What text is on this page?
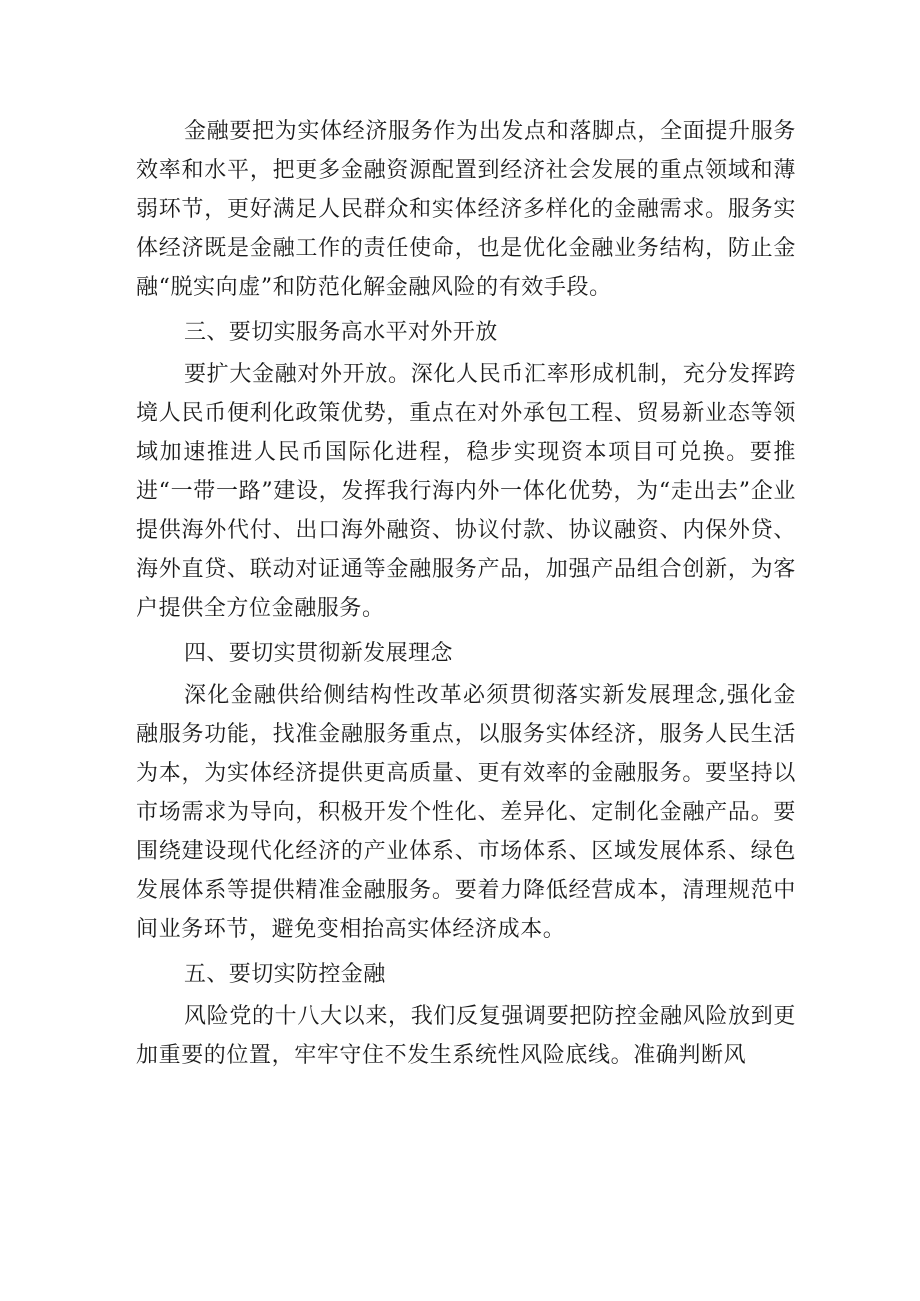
金融要把为实体经济服务作为出发点和落脚点，全面提升服务效率和水平，把更多金融资源配置到经济社会发展的重点领域和薄弱环节，更好满足人民群众和实体经济多样化的金融需求。服务实体经济既是金融工作的责任使命，也是优化金融业务结构，防止金融“脱实向虚”和防范化解金融风险的有效手段。

三、要切实服务高水平对外开放

要扩大金融对外开放。深化人民币汇率形成机制，充分发挥跨境人民币便利化政策优势，重点在对外承包工程、贸易新业态等领域加速推进人民币国际化进程，稳步实现资本项目可兑换。要推进“一带一路”建设，发挥我行海内外一体化优势，为“走出去”企业提供海外代付、出口海外融资、协议付款、协议融资、内保外贷、海外直贷、联动对证通等金融服务产品，加强产品组合创新，为客户提供全方位金融服务。

四、要切实贯彻新发展理念

深化金融供给侧结构性改革必须贯彻落实新发展理念,强化金融服务功能，找准金融服务重点，以服务实体经济，服务人民生活为本，为实体经济提供更高质量、更有效率的金融服务。要坚持以市场需求为导向，积极开发个性化、差异化、定制化金融产品。要围绕建设现代化经济的产业体系、市场体系、区域发展体系、绿色发展体系等提供精准金融服务。要着力降低经营成本，清理规范中间业务环节，避免变相抬高实体经济成本。

五、要切实防控金融

风险党的十八大以来，我们反复强调要把防控金融风险放到更加重要的位置，牢牢守住不发生系统性风险底线。准确判断风
